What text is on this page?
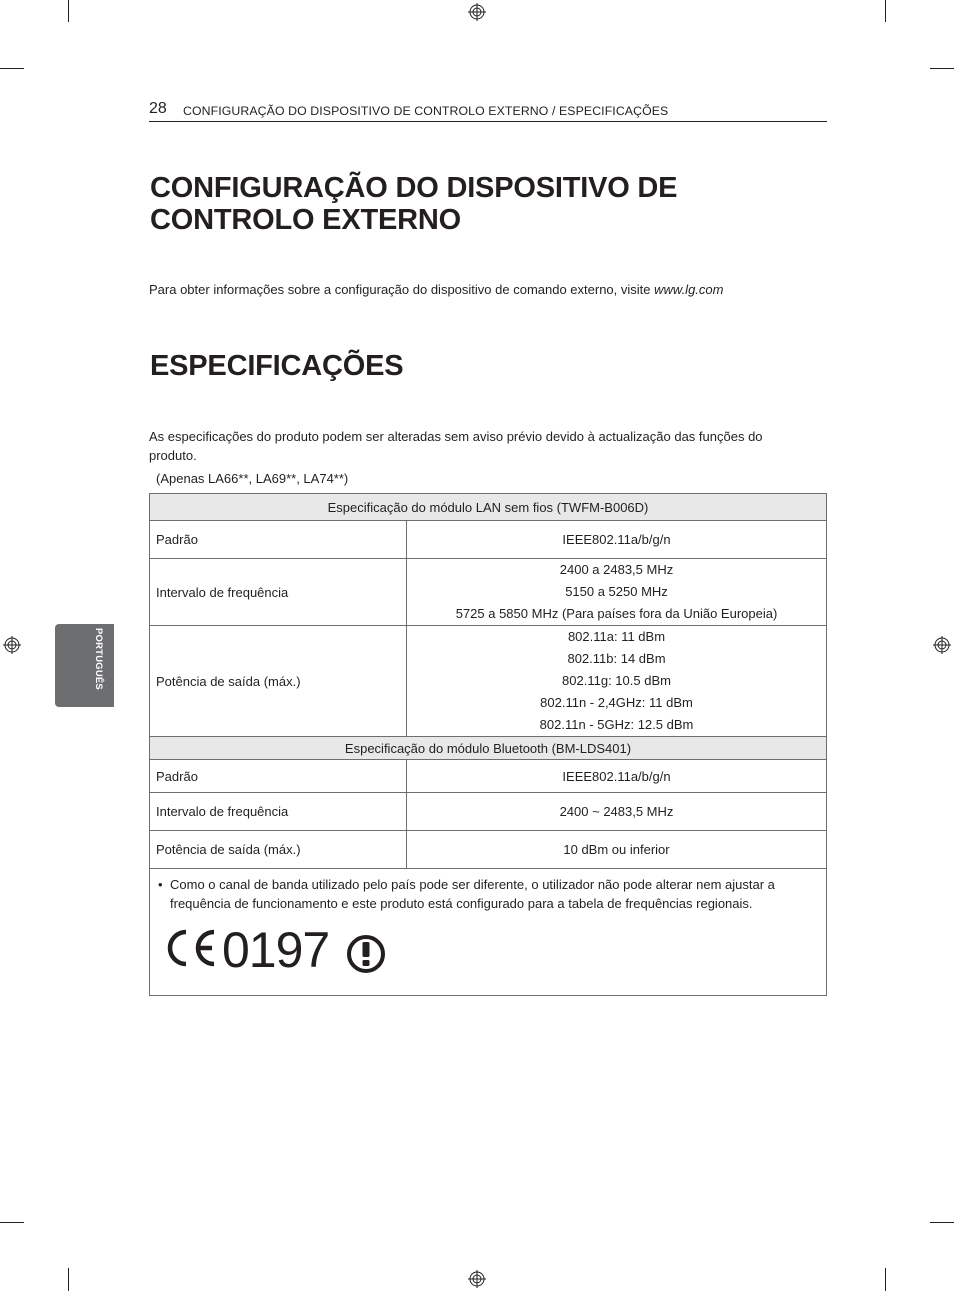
28 CONFIGURAÇÃO DO DISPOSITIVO DE CONTROLO EXTERNO / ESPECIFICAÇÕES
PORTUGUÊS
CONFIGURAÇÃO DO DISPOSITIVO DE
CONTROLO EXTERNO

Para obter informações sobre a configuração do dispositivo de comando externo, visite www.lg.com

ESPECIFICAÇÕES

As especificações do produto podem ser alteradas sem aviso prévio devido à actualização das funções do
produto.

(Apenas LA66**, LA69**, LA74**)
Especificação do módulo LAN sem fios (TWFM-B006D)	
Padrão	IEEE802.11a/b/g/n
Intervalo de frequência	2400 a 2483,5 MHz
5150 a 5250 MHz
5725 a 5850 MHz (Para países fora da União Europeia)

Potência de saída (máx.)	802.11a: 11 dBm
802.11b: 14 dBm
802.11g: 10.5 dBm
802.11n - 2,4GHz: 11 dBm
802.11n - 5GHz: 12.5 dBm

Especificação do módulo Bluetooth (BM-LDS401)	
Padrão	IEEE802.11a/b/g/n
Intervalo de frequência	2400 ~ 2483,5 MHz
Potência de saída (máx.)	10 dBm ou inferior

• Como o canal de banda utilizado pelo país pode ser diferente, o utilizador não pode alterar nem ajustar a frequência de funcionamento e este produto está configurado para a tabela de frequências regionais.
0197	
